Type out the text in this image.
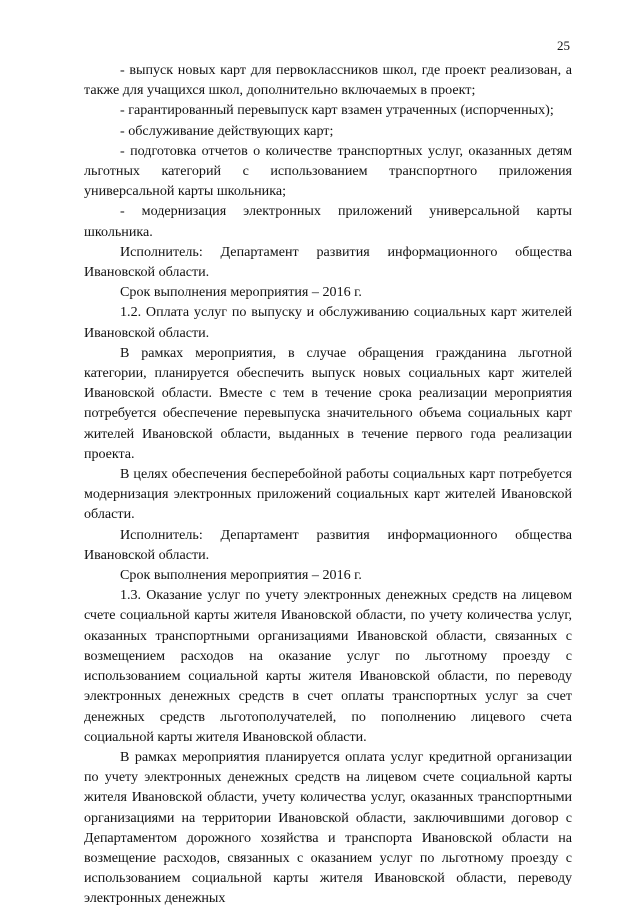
25

- выпуск новых карт для первоклассников школ, где проект реализован, а также для учащихся школ, дополнительно включаемых в проект;

- гарантированный перевыпуск карт взамен утраченных (испорченных);

- обслуживание действующих карт;

- подготовка отчетов о количестве транспортных услуг, оказанных детям льготных категорий с использованием транспортного приложения универсальной карты школьника;

- модернизация электронных приложений универсальной карты школьника.

Исполнитель: Департамент развития информационного общества Ивановской области.

Срок выполнения мероприятия – 2016 г.

1.2. Оплата услуг по выпуску и обслуживанию социальных карт жителей Ивановской области.

В рамках мероприятия, в случае обращения гражданина льготной категории, планируется обеспечить выпуск новых социальных карт жителей Ивановской области. Вместе с тем в течение срока реализации мероприятия потребуется обеспечение перевыпуска значительного объема социальных карт жителей Ивановской области, выданных в течение первого года реализации проекта.

В целях обеспечения бесперебойной работы социальных карт потребуется модернизация электронных приложений социальных карт жителей Ивановской области.

Исполнитель: Департамент развития информационного общества Ивановской области.

Срок выполнения мероприятия – 2016 г.

1.3. Оказание услуг по учету электронных денежных средств на лицевом счете социальной карты жителя Ивановской области, по учету количества услуг, оказанных транспортными организациями Ивановской области, связанных с возмещением расходов на оказание услуг по льготному проезду с использованием социальной карты жителя Ивановской области, по переводу электронных денежных средств в счет оплаты транспортных услуг за счет денежных средств льготополучателей, по пополнению лицевого счета социальной карты жителя Ивановской области.

В рамках мероприятия планируется оплата услуг кредитной организации по учету электронных денежных средств на лицевом счете социальной карты жителя Ивановской области, учету количества услуг, оказанных транспортными организациями на территории Ивановской области, заключившими договор с Департаментом дорожного хозяйства и транспорта Ивановской области на возмещение расходов, связанных с оказанием услуг по льготному проезду с использованием социальной карты жителя Ивановской области, переводу электронных денежных
